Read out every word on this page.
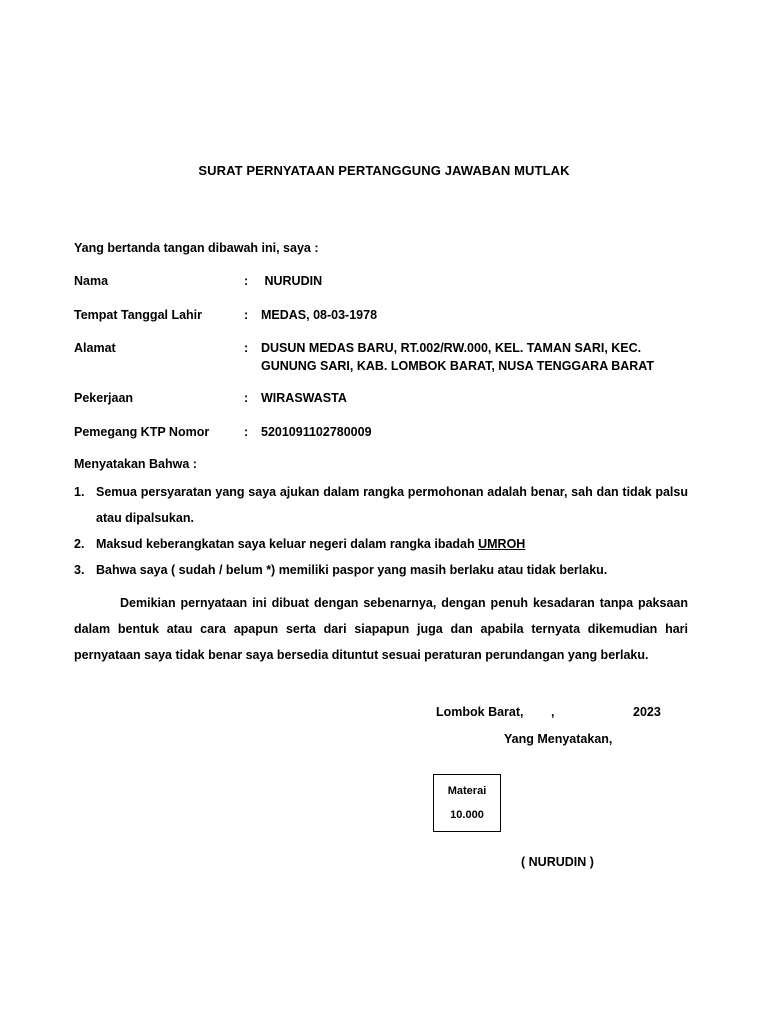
SURAT PERNYATAAN PERTANGGUNG JAWABAN MUTLAK
Yang bertanda tangan dibawah ini, saya :
Nama	: NURUDIN
Tempat Tanggal Lahir	: MEDAS, 08-03-1978
Alamat	: DUSUN MEDAS BARU, RT.002/RW.000, KEL. TAMAN SARI, KEC. GUNUNG SARI, KAB. LOMBOK BARAT, NUSA TENGGARA BARAT
Pekerjaan	: WIRASWASTA
Pemegang KTP Nomor	: 5201091102780009
Menyatakan Bahwa :
1. Semua persyaratan yang saya ajukan dalam rangka permohonan adalah benar, sah dan tidak palsu atau dipalsukan.
2. Maksud keberangkatan saya keluar negeri dalam rangka ibadah UMROH
3. Bahwa saya ( sudah / belum *) memiliki paspor yang masih berlaku atau tidak berlaku.
Demikian pernyataan ini dibuat dengan sebenarnya, dengan penuh kesadaran tanpa paksaan dalam bentuk atau cara apapun serta dari siapapun juga dan apabila ternyata dikemudian hari pernyataan saya tidak benar saya bersedia dituntut sesuai peraturan perundangan yang berlaku.
Lombok Barat, ,	2023
Yang Menyatakan,
Materai
10.000
( NURUDIN )
